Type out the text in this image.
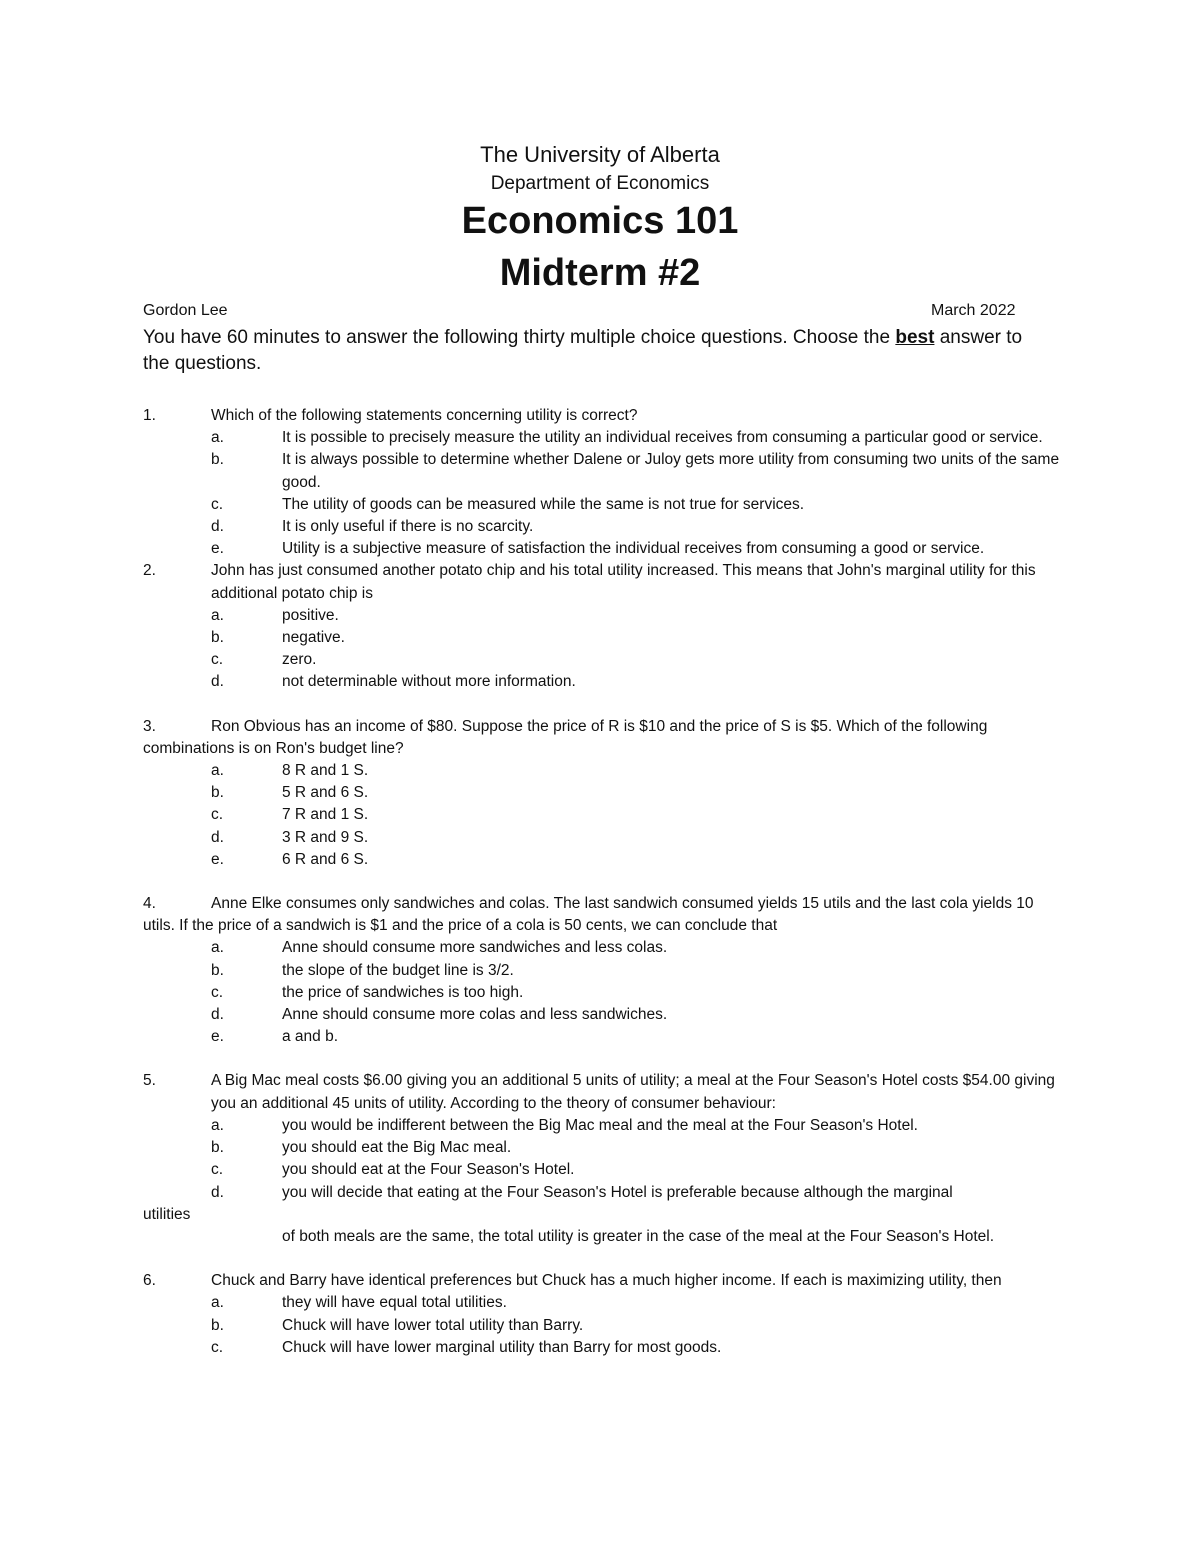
The University of Alberta
Department of Economics
Economics 101
Midterm #2
Gordon Lee	March 2022
You have 60 minutes to answer the following thirty multiple choice questions. Choose the best answer to the questions.
1.	Which of the following statements concerning utility is correct?
a.	It is possible to precisely measure the utility an individual receives from consuming a particular good or service.
b.	It is always possible to determine whether Dalene or Juloy gets more utility from consuming two units of the same good.
c.	The utility of goods can be measured while the same is not true for services.
d.	It is only useful if there is no scarcity.
e.	Utility is a subjective measure of satisfaction the individual receives from consuming a good or service.
2.	John has just consumed another potato chip and his total utility increased. This means that John's marginal utility for this additional potato chip is
a.	positive.
b.	negative.
c.	zero.
d.	not determinable without more information.
3.	Ron Obvious has an income of $80. Suppose the price of R is $10 and the price of S is $5. Which of the following combinations is on Ron's budget line?
a.	8 R and 1 S.
b.	5 R and 6 S.
c.	7 R and 1 S.
d.	3 R and 9 S.
e.	6 R and 6 S.
4.	Anne Elke consumes only sandwiches and colas. The last sandwich consumed yields 15 utils and the last cola yields 10 utils. If the price of a sandwich is $1 and the price of a cola is 50 cents, we can conclude that
a.	Anne should consume more sandwiches and less colas.
b.	the slope of the budget line is 3/2.
c.	the price of sandwiches is too high.
d.	Anne should consume more colas and less sandwiches.
e.	a and b.
5.	A Big Mac meal costs $6.00 giving you an additional 5 units of utility; a meal at the Four Season's Hotel costs $54.00 giving you an additional 45 units of utility. According to the theory of consumer behaviour:
a.	you would be indifferent between the Big Mac meal and the meal at the Four Season's Hotel.
b.	you should eat the Big Mac meal.
c.	you should eat at the Four Season's Hotel.
d.	you will decide that eating at the Four Season's Hotel is preferable because although the marginal
utilities
of both meals are the same, the total utility is greater in the case of the meal at the Four Season's Hotel.
6.	Chuck and Barry have identical preferences but Chuck has a much higher income. If each is maximizing utility, then
a.	they will have equal total utilities.
b.	Chuck will have lower total utility than Barry.
c.	Chuck will have lower marginal utility than Barry for most goods.
